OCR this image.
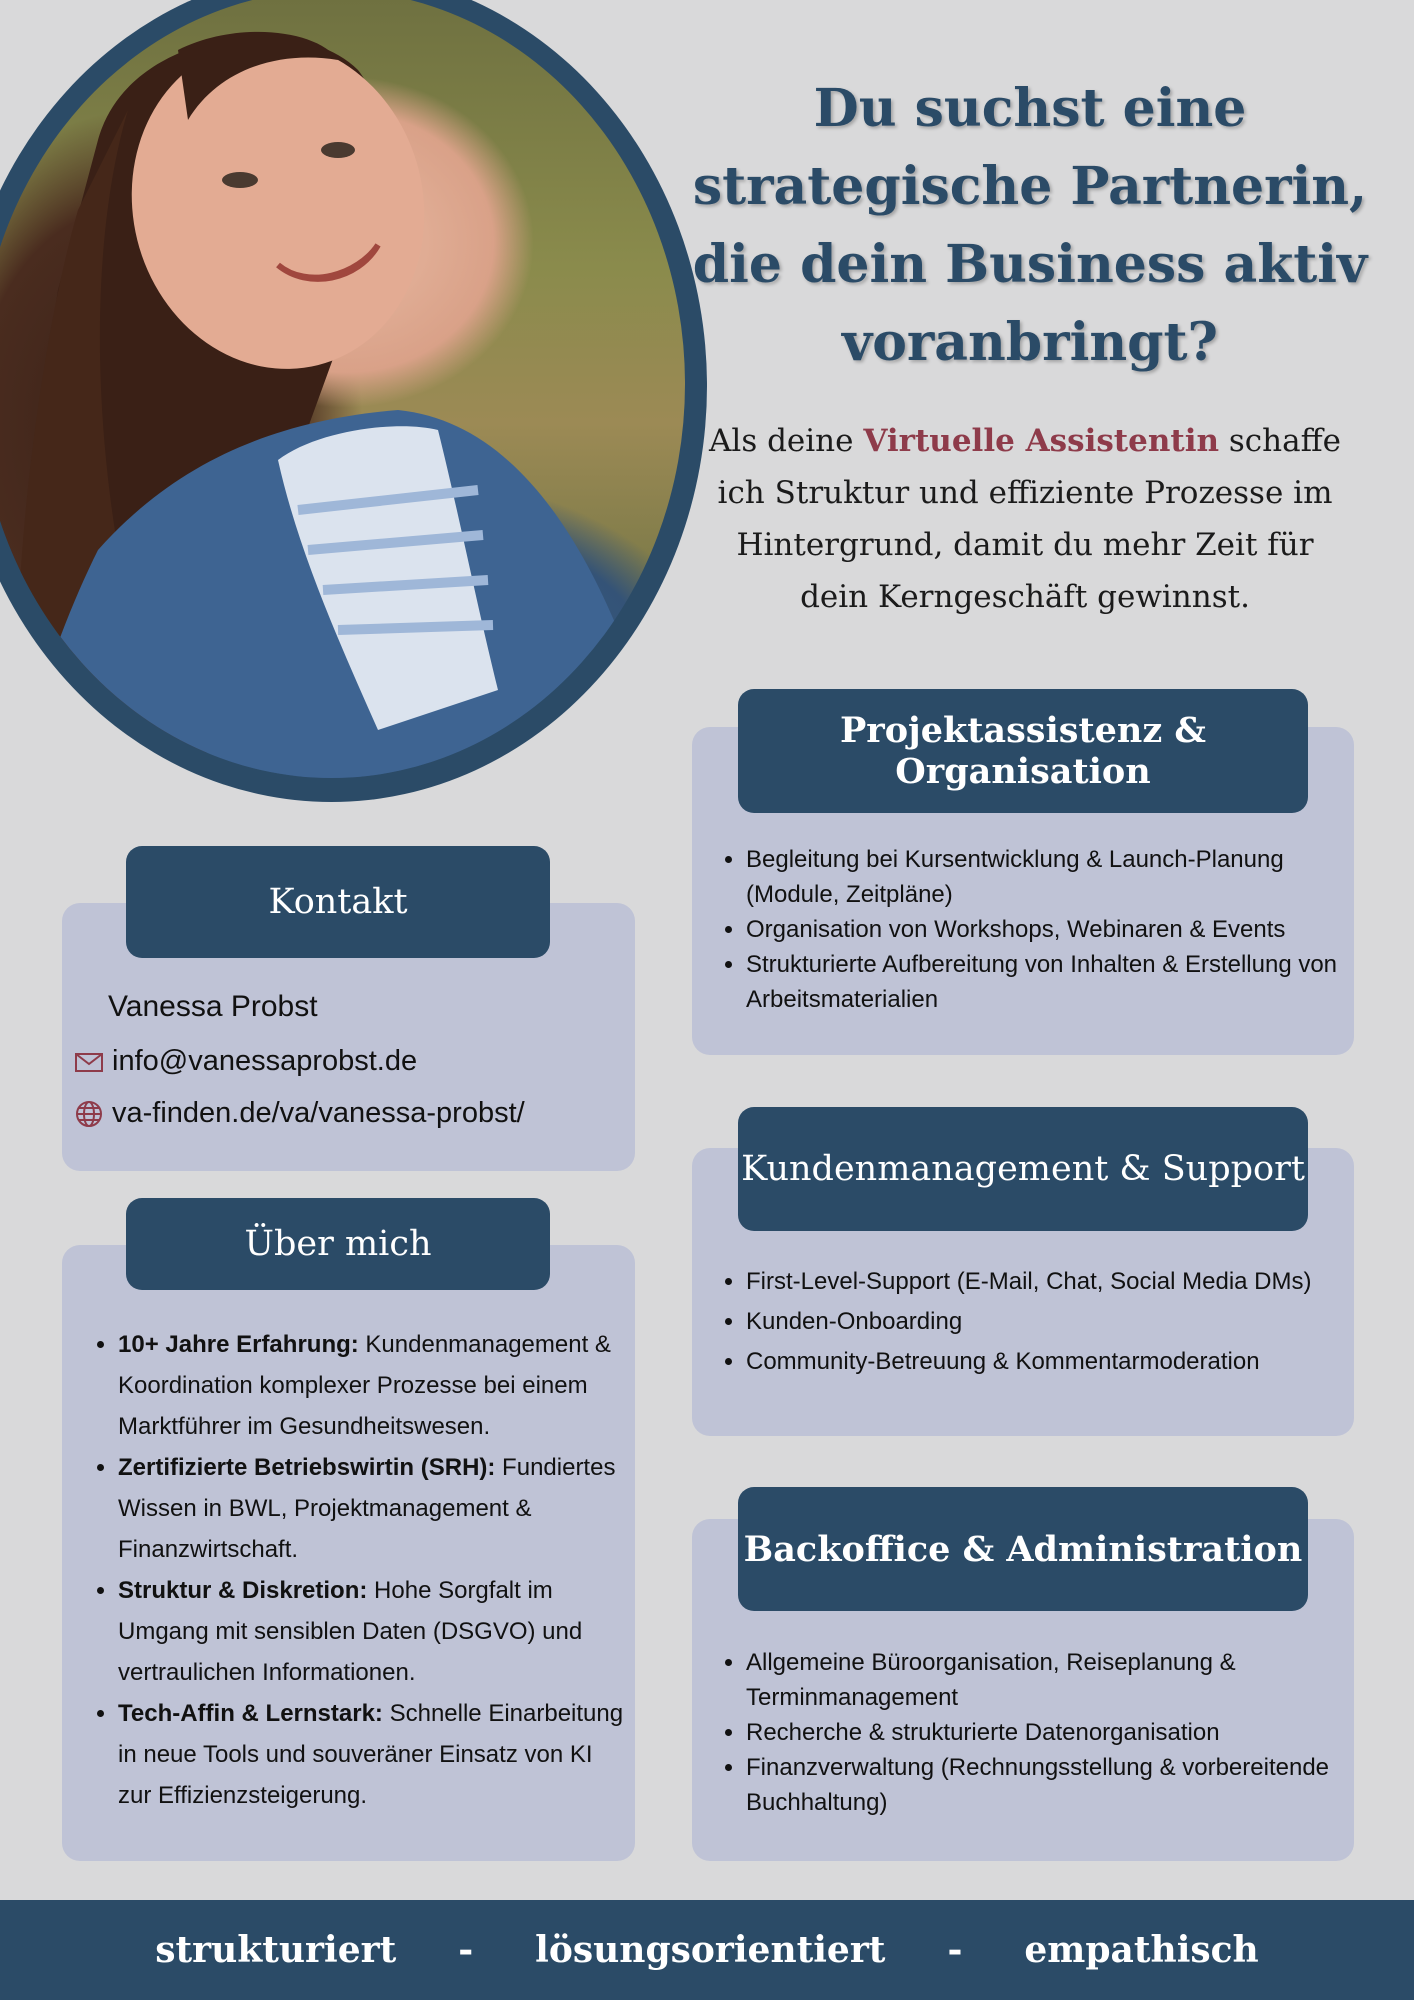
Du suchst eine strategische Partnerin, die dein Business aktiv voranbringt?
Als deine Virtuelle Assistentin schaffe ich Struktur und effiziente Prozesse im Hintergrund, damit du mehr Zeit für dein Kerngeschäft gewinnst.
Kontakt
Vanessa Probst
info@vanessaprobst.de
va-finden.de/va/vanessa-probst/
Über mich
• 10+ Jahre Erfahrung: Kundenmanagement & Koordination komplexer Prozesse bei einem Marktführer im Gesundheitswesen.
• Zertifizierte Betriebswirtin (SRH): Fundiertes Wissen in BWL, Projektmanagement & Finanzwirtschaft.
• Struktur & Diskretion: Hohe Sorgfalt im Umgang mit sensiblen Daten (DSGVO) und vertraulichen Informationen.
• Tech-Affin & Lernstark: Schnelle Einarbeitung in neue Tools und souveräner Einsatz von KI zur Effizienzsteigerung.
Projektassistenz & Organisation
• Begleitung bei Kursentwicklung & Launch-Planung (Module, Zeitpläne)
• Organisation von Workshops, Webinaren & Events
• Strukturierte Aufbereitung von Inhalten & Erstellung von Arbeitsmaterialien
Kundenmanagement & Support
• First-Level-Support (E-Mail, Chat, Social Media DMs)
• Kunden-Onboarding
• Community-Betreuung & Kommentarmoderation
Backoffice & Administration
• Allgemeine Büroorganisation, Reiseplanung & Terminmanagement
• Recherche & strukturierte Datenorganisation
• Finanzverwaltung (Rechnungsstellung & vorbereitende Buchhaltung)
strukturiert - lösungsorientiert - empathisch
